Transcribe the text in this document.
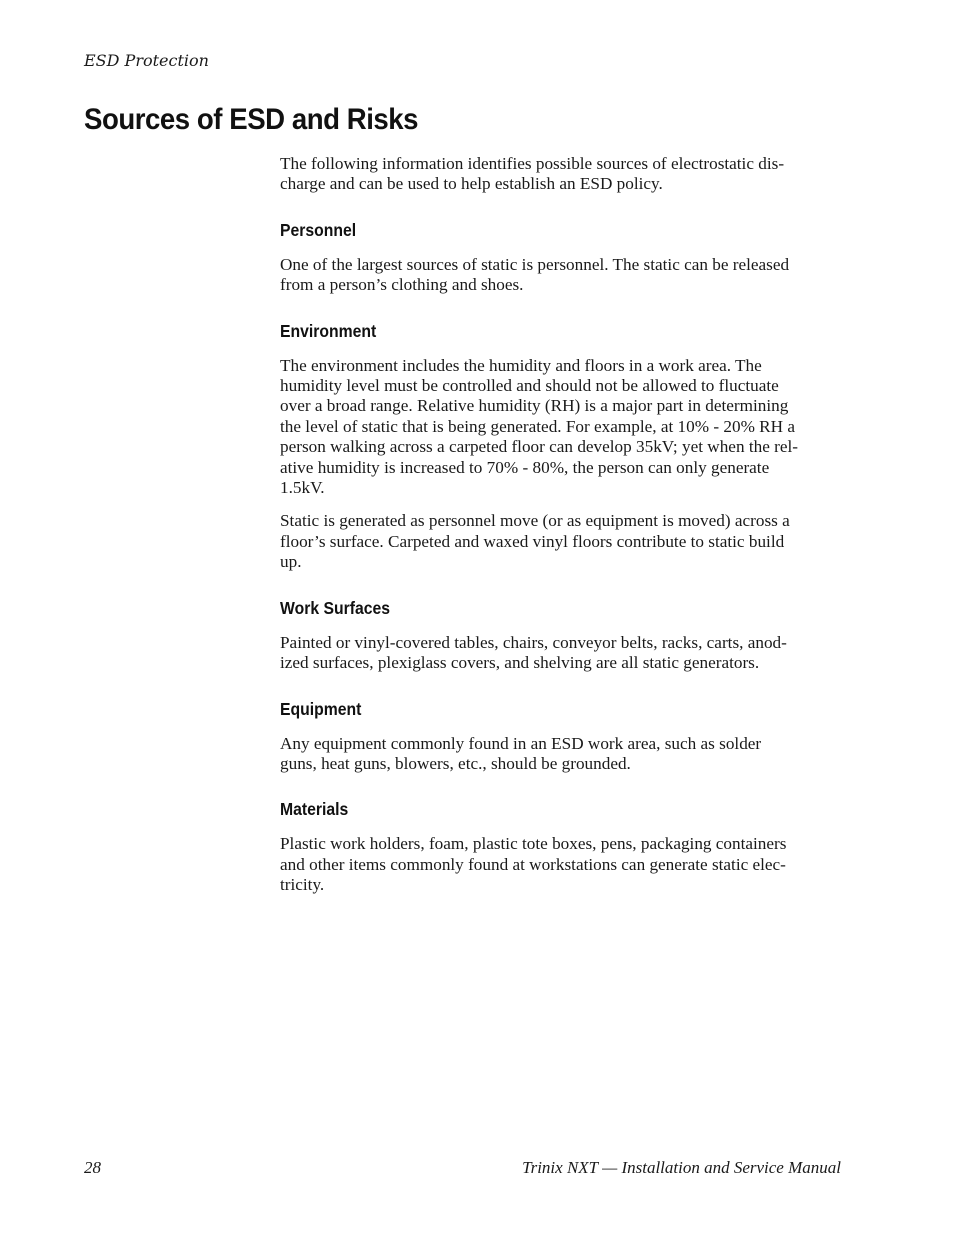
ESD Protection
Sources of ESD and Risks

The following information identifies possible sources of electrostatic dis-
charge and can be used to help establish an ESD policy.

Personnel

One of the largest sources of static is personnel. The static can be released
from a person’s clothing and shoes.

Environment

The environment includes the humidity and floors in a work area. The
humidity level must be controlled and should not be allowed to fluctuate
over a broad range. Relative humidity (RH) is a major part in determining
the level of static that is being generated. For example, at 10% - 20% RH a
person walking across a carpeted floor can develop 35kV; yet when the rel-
ative humidity is increased to 70% - 80%, the person can only generate
1.5kV.

Static is generated as personnel move (or as equipment is moved) across a
floor’s surface. Carpeted and waxed vinyl floors contribute to static build
up.

Work Surfaces

Painted or vinyl-covered tables, chairs, conveyor belts, racks, carts, anod-
ized surfaces, plexiglass covers, and shelving are all static generators.

Equipment

Any equipment commonly found in an ESD work area, such as solder
guns, heat guns, blowers, etc., should be grounded.

Materials

Plastic work holders, foam, plastic tote boxes, pens, packaging containers
and other items commonly found at workstations can generate static elec-
tricity.

28	Trinix NXT — Installation and Service Manual
